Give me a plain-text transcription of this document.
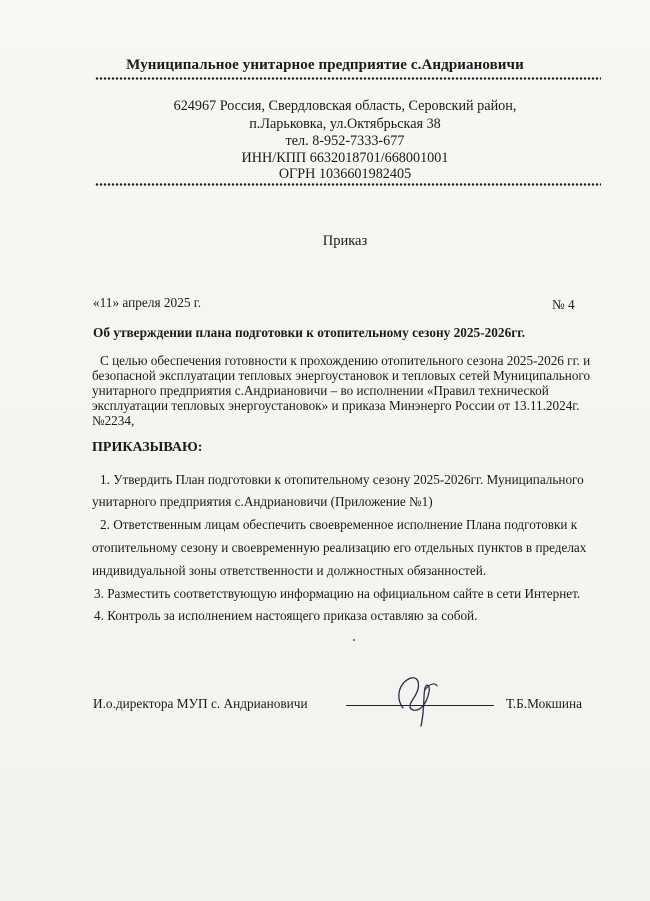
Муниципальное унитарное предприятие с.Андриановичи
624967 Россия, Свердловская область, Серовский район,
п.Ларьковка, ул.Октябрьская 38
тел. 8-952-7333-677
ИНН/КПП 6632018701/668001001
ОГРН 1036601982405
Приказ
«11» апреля 2025 г.	№ 4
Об утверждении плана подготовки к отопительному сезону 2025-2026гг.
С целью обеспечения готовности к прохождению отопительного сезона 2025-2026 гг. и
безопасной эксплуатации тепловых энергоустановок и тепловых сетей Муниципального
унитарного предприятия с.Андриановичи – во исполнении «Правил технической
эксплуатации тепловых энергоустановок» и приказа Минэнерго России от 13.11.2024г.
№2234,
ПРИКАЗЫВАЮ:
1. Утвердить План подготовки к отопительному сезону 2025-2026гг. Муниципального
унитарного предприятия с.Андриановичи (Приложение №1)
2. Ответственным лицам обеспечить своевременное исполнение Плана подготовки к
отопительному сезону и своевременную реализацию его отдельных пунктов в пределах
индивидуальной зоны ответственности и должностных обязанностей.
3. Разместить соответствующую информацию на официальном сайте в сети Интернет.
4. Контроль за исполнением настоящего приказа оставляю за собой.
И.о.директора МУП с. Андриановичи	Т.Б.Мокшина
